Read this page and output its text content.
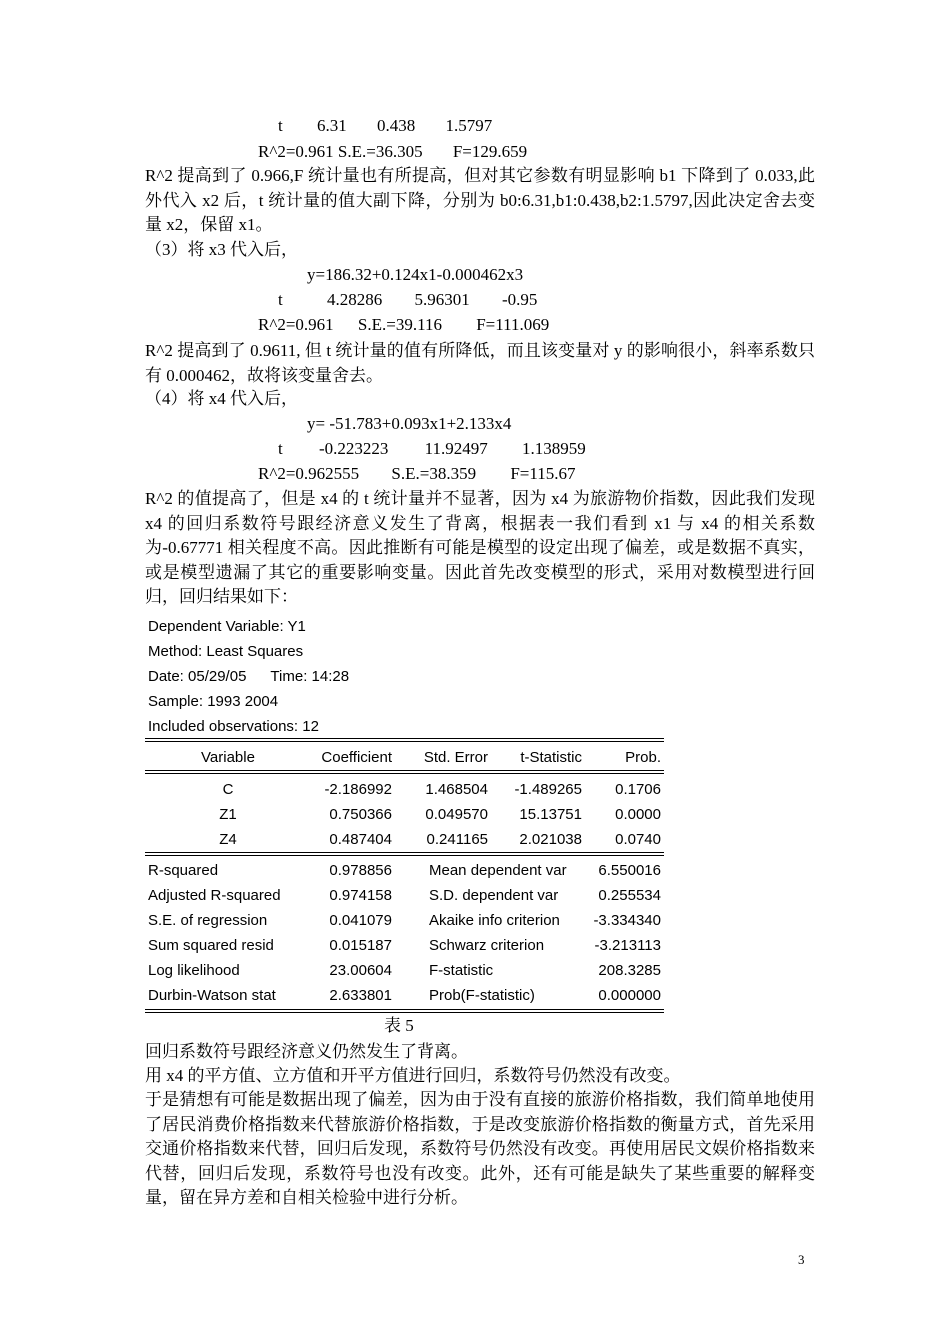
t 6.31 0.438 1.5797
R^2=0.961 S.E.=36.305 F=129.659
R^2 提高到了 0.966,F 统计量也有所提高，但对其它参数有明显影响 b1 下降到了 0.033,此外代入 x2 后，t 统计量的值大副下降，分别为 b0:6.31,b1:0.438,b2:1.5797,因此决定舍去变量 x2，保留 x1。
（3）将 x3 代入后，
y=186.32+0.124x1-0.000462x3
t	4.28286 5.96301 -0.95
R^2=0.961 S.E.=39.116 F=111.069
R^2 提高到了 0.9611, 但 t 统计量的值有所降低，而且该变量对 y 的影响很小，斜率系数只有 0.000462，故将该变量舍去。
（4）将 x4 代入后，
y= -51.783+0.093x1+2.133x4
t -0.223223 11.92497 1.138959
R^2=0.962555 S.E.=38.359 F=115.67
R^2 的值提高了，但是 x4 的 t 统计量并不显著，因为 x4 为旅游物价指数，因此我们发现 x4 的回归系数符号跟经济意义发生了背离，根据表一我们看到 x1 与 x4 的相关系数为-0.67771 相关程度不高。因此推断有可能是模型的设定出现了偏差，或是数据不真实，或是模型遗漏了其它的重要影响变量。因此首先改变模型的形式，采用对数模型进行回归，回归结果如下：
Dependent Variable: Y1
Method: Least Squares
Date: 05/29/05 Time: 14:28
Sample: 1993 2004
Included observations: 12
Variable	Coefficient	Std. Error	t-Statistic	Prob.
C	-2.186992	1.468504	-1.489265	0.1706
Z1	0.750366	0.049570	15.13751	0.0000
Z4	0.487404	0.241165	2.021038	0.0740
R-squared	0.978856 Mean dependent var	6.550016
Adjusted R-squared	0.974158 S.D. dependent var	0.255534
S.E. of regression	0.041079 Akaike info criterion	-3.334340
Sum squared resid	0.015187 Schwarz criterion	-3.213113
Log likelihood	23.00604 F-statistic	208.3285
Durbin-Watson stat	2.633801 Prob(F-statistic)	0.000000
表 5
回归系数符号跟经济意义仍然发生了背离。
用 x4 的平方值、立方值和开平方值进行回归，系数符号仍然没有改变。
于是猜想有可能是数据出现了偏差，因为由于没有直接的旅游价格指数，我们简单地使用了居民消费价格指数来代替旅游价格指数，于是改变旅游价格指数的衡量方式，首先采用交通价格指数来代替，回归后发现，系数符号仍然没有改变。再使用居民文娱价格指数来代替，回归后发现，系数符号也没有改变。此外，还有可能是缺失了某些重要的解释变量，留在异方差和自相关检验中进行分析。
3
